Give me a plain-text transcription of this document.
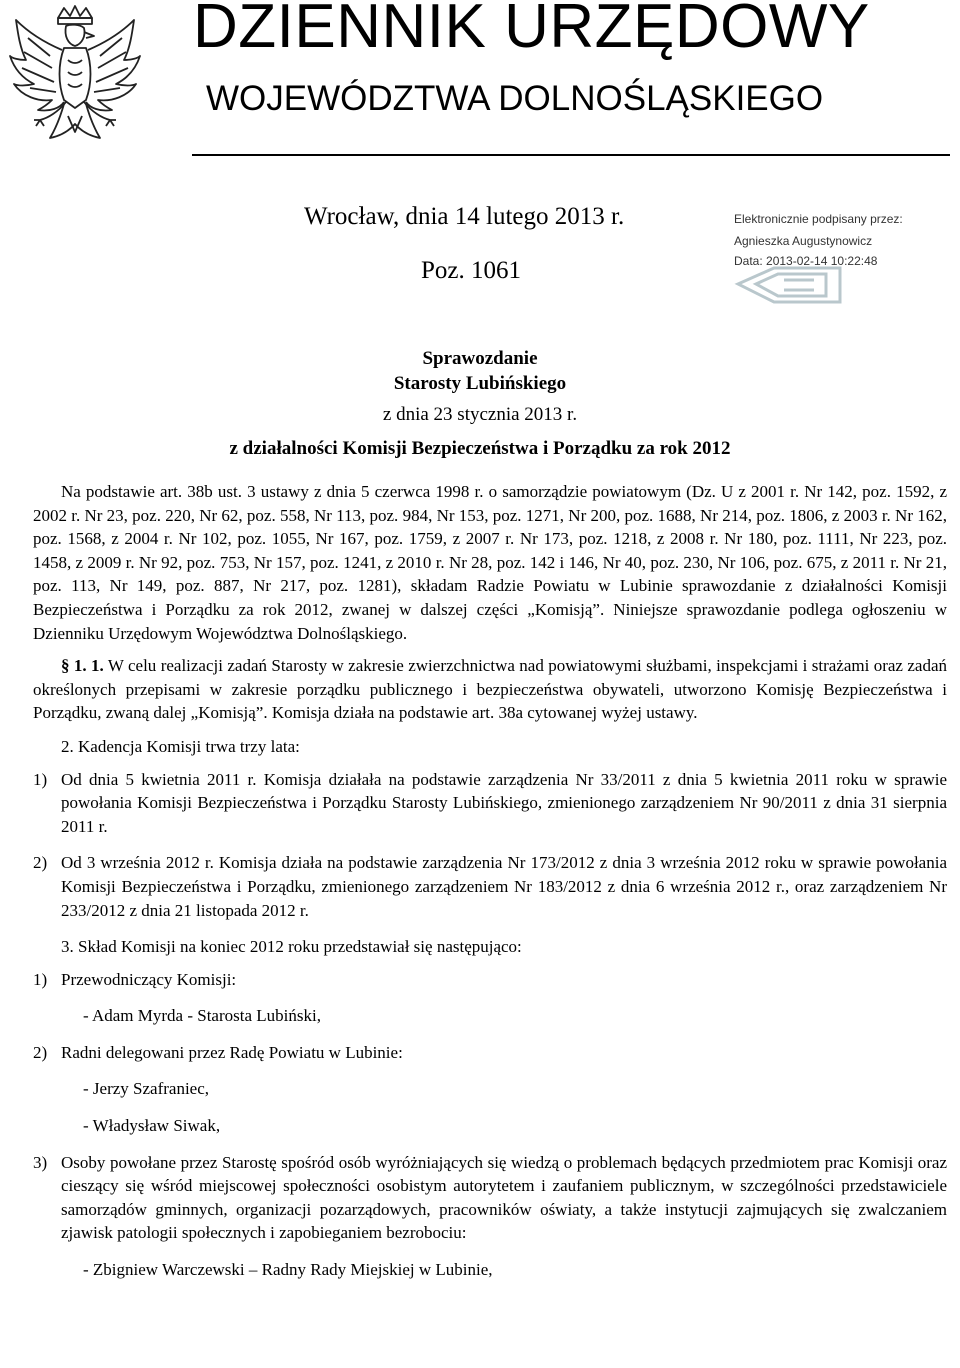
DZIENNIK URZĘDOWY
WOJEWÓDZTWA DOLNOŚLĄSKIEGO
Wrocław, dnia 14 lutego 2013 r.
Poz. 1061
Elektronicznie podpisany przez:
Agnieszka Augustynowicz
Data: 2013-02-14 10:22:48
Sprawozdanie
Starosty Lubińskiego
z dnia 23 stycznia 2013 r.
z działalności Komisji Bezpieczeństwa i Porządku za rok 2012

Na podstawie art. 38b ust. 3 ustawy z dnia 5 czerwca 1998 r. o samorządzie powiatowym (Dz. U z 2001 r. Nr 142, poz. 1592, z 2002 r. Nr 23, poz. 220, Nr 62, poz. 558, Nr 113, poz. 984, Nr 153, poz. 1271, Nr 200, poz. 1688, Nr 214, poz. 1806, z 2003 r. Nr 162, poz. 1568, z 2004 r. Nr 102, poz. 1055, Nr 167, poz. 1759, z 2007 r. Nr 173, poz. 1218, z 2008 r. Nr 180, poz. 1111, Nr 223, poz. 1458, z 2009 r. Nr 92, poz. 753, Nr 157, poz. 1241, z 2010 r. Nr 28, poz. 142 i 146, Nr 40, poz. 230, Nr 106, poz. 675, z 2011 r. Nr 21, poz. 113, Nr 149, poz. 887, Nr 217, poz. 1281), składam Radzie Powiatu w Lubinie sprawozdanie z działalności Komisji Bezpieczeństwa i Porządku za rok 2012, zwanej w dalszej części „Komisją”. Niniejsze sprawozdanie podlega ogłoszeniu w Dzienniku Urzędowym Województwa Dolnośląskiego.

§ 1. 1. W celu realizacji zadań Starosty w zakresie zwierzchnictwa nad powiatowymi służbami, inspekcjami i strażami oraz zadań określonych przepisami w zakresie porządku publicznego i bezpieczeństwa obywateli, utworzono Komisję Bezpieczeństwa i Porządku, zwaną dalej „Komisją”. Komisja działa na podstawie art. 38a cytowanej wyżej ustawy.

2. Kadencja Komisji trwa trzy lata:

1) Od dnia 5 kwietnia 2011 r. Komisja działała na podstawie zarządzenia Nr 33/2011 z dnia 5 kwietnia 2011 roku w sprawie powołania Komisji Bezpieczeństwa i Porządku Starosty Lubińskiego, zmienionego zarządzeniem Nr 90/2011 z dnia 31 sierpnia 2011 r.
2) Od 3 września 2012 r. Komisja działa na podstawie zarządzenia Nr 173/2012 z dnia 3 września 2012 roku w sprawie powołania Komisji Bezpieczeństwa i Porządku, zmienionego zarządzeniem Nr 183/2012 z dnia 6 września 2012 r., oraz zarządzeniem Nr 233/2012 z dnia 21 listopada 2012 r.

3. Skład Komisji na koniec 2012 roku przedstawiał się następująco:

1) Przewodniczący Komisji:

- Adam Myrda - Starosta Lubiński,

2) Radni delegowani przez Radę Powiatu w Lubinie:

- Jerzy Szafraniec,

- Władysław Siwak,

3) Osoby powołane przez Starostę spośród osób wyróżniających się wiedzą o problemach będących przedmiotem prac Komisji oraz cieszący się wśród miejscowej społeczności osobistym autorytetem i zaufaniem publicznym, w szczególności przedstawiciele samorządów gminnych, organizacji pozarządowych, pracowników oświaty, a także instytucji zajmujących się zwalczaniem zjawisk patologii społecznych i zapobieganiem bezrobociu:

- Zbigniew Warczewski – Radny Rady Miejskiej w Lubinie,
